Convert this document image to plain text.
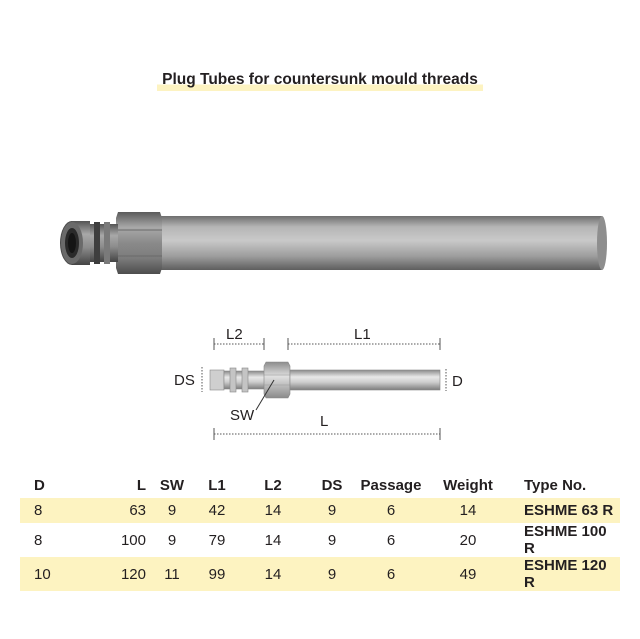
Plug Tubes for countersunk mould threads
L2	L1
DS	D
SW	L
D	L	SW	L1	L2	DS	Passage	Weight	Type No.
8	63	9	42	14	9	6	14	ESHME 63 R
8	100	9	79	14	9	6	20	ESHME 100 R
10	120	11	99	14	9	6	49	ESHME 120 R
